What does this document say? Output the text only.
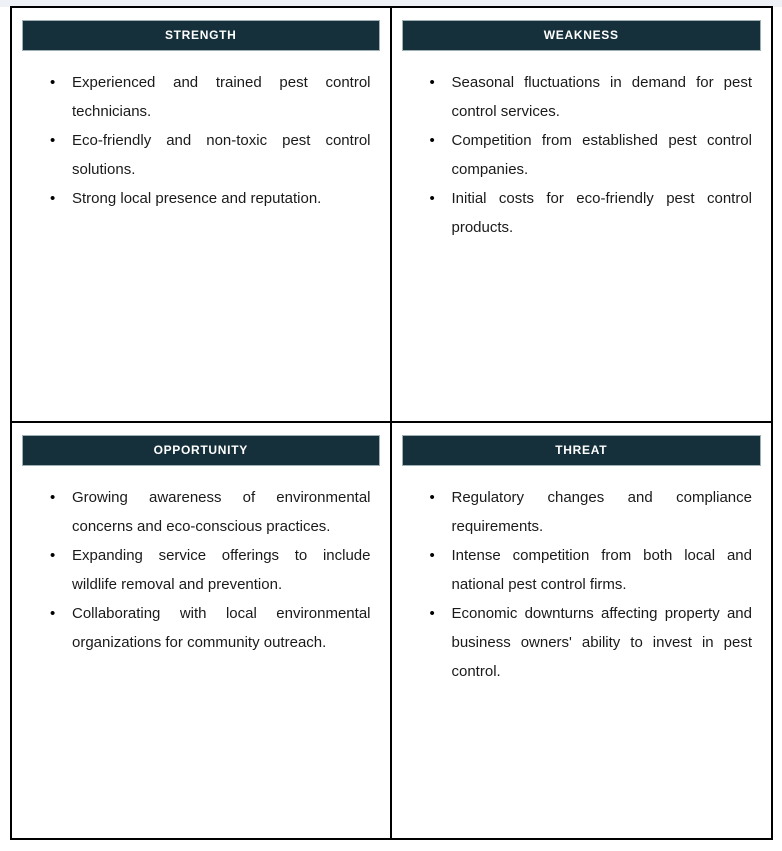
STRENGTH
• Experienced and trained pest control technicians.
• Eco-friendly and non-toxic pest control solutions.
• Strong local presence and reputation.
WEAKNESS
• Seasonal fluctuations in demand for pest control services.
• Competition from established pest control companies.
• Initial costs for eco-friendly pest control products.
OPPORTUNITY
• Growing awareness of environmental concerns and eco-conscious practices.
• Expanding service offerings to include wildlife removal and prevention.
• Collaborating with local environmental organizations for community outreach.
THREAT
• Regulatory changes and compliance requirements.
• Intense competition from both local and national pest control firms.
• Economic downturns affecting property and business owners' ability to invest in pest control.
